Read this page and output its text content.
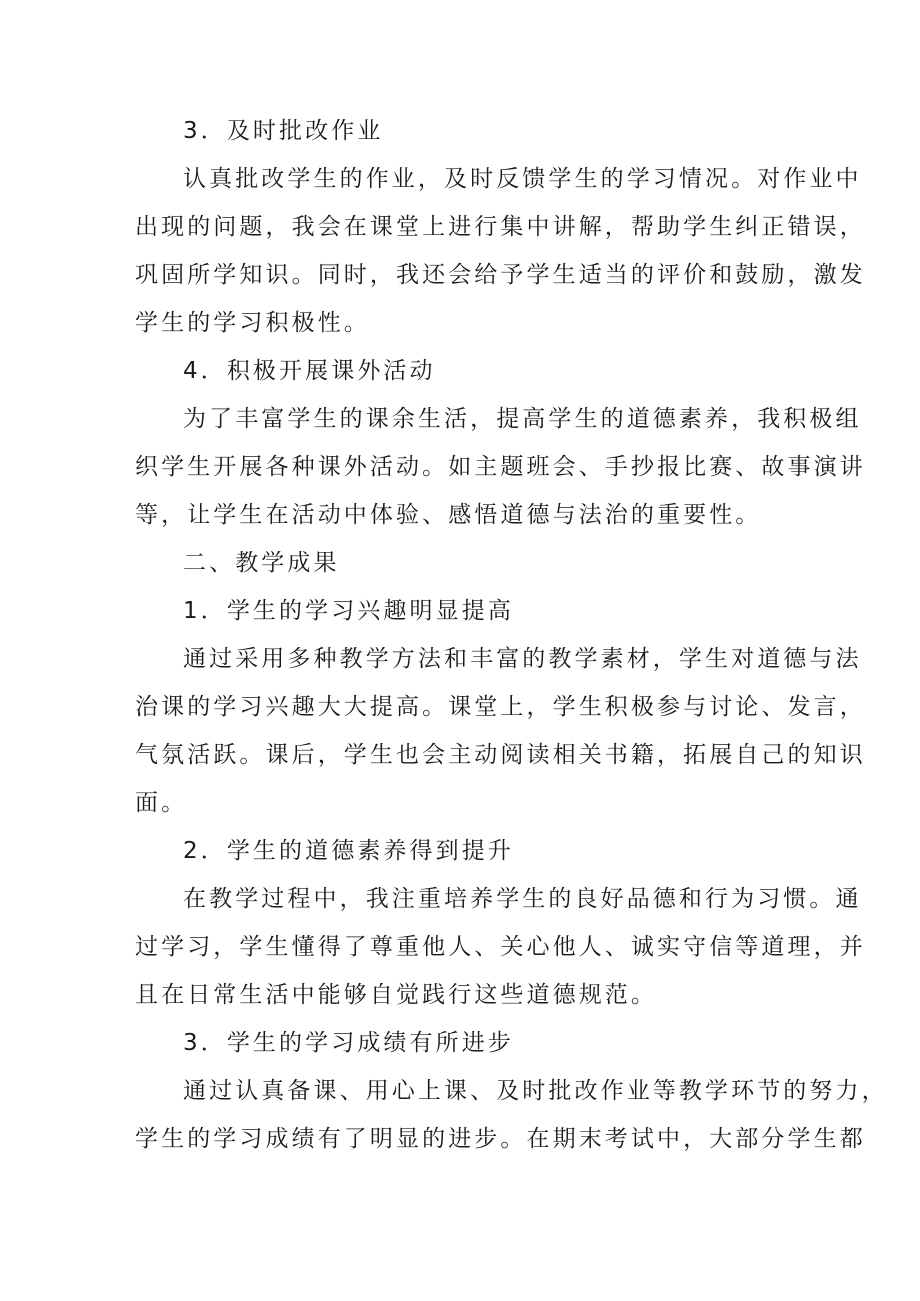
3．及时批改作业
认真批改学生的作业，及时反馈学生的学习情况。对作业中
出现的问题，我会在课堂上进行集中讲解，帮助学生纠正错误，
巩固所学知识。同时，我还会给予学生适当的评价和鼓励，激发
学生的学习积极性。
4．积极开展课外活动
为了丰富学生的课余生活，提高学生的道德素养，我积极组
织学生开展各种课外活动。如主题班会、手抄报比赛、故事演讲
等，让学生在活动中体验、感悟道德与法治的重要性。
二、教学成果
1．学生的学习兴趣明显提高
通过采用多种教学方法和丰富的教学素材，学生对道德与法
治课的学习兴趣大大提高。课堂上，学生积极参与讨论、发言，
气氛活跃。课后，学生也会主动阅读相关书籍，拓展自己的知识
面。
2．学生的道德素养得到提升
在教学过程中，我注重培养学生的良好品德和行为习惯。通
过学习，学生懂得了尊重他人、关心他人、诚实守信等道理，并
且在日常生活中能够自觉践行这些道德规范。
3．学生的学习成绩有所进步
通过认真备课、用心上课、及时批改作业等教学环节的努力，
学生的学习成绩有了明显的进步。在期末考试中，大部分学生都
